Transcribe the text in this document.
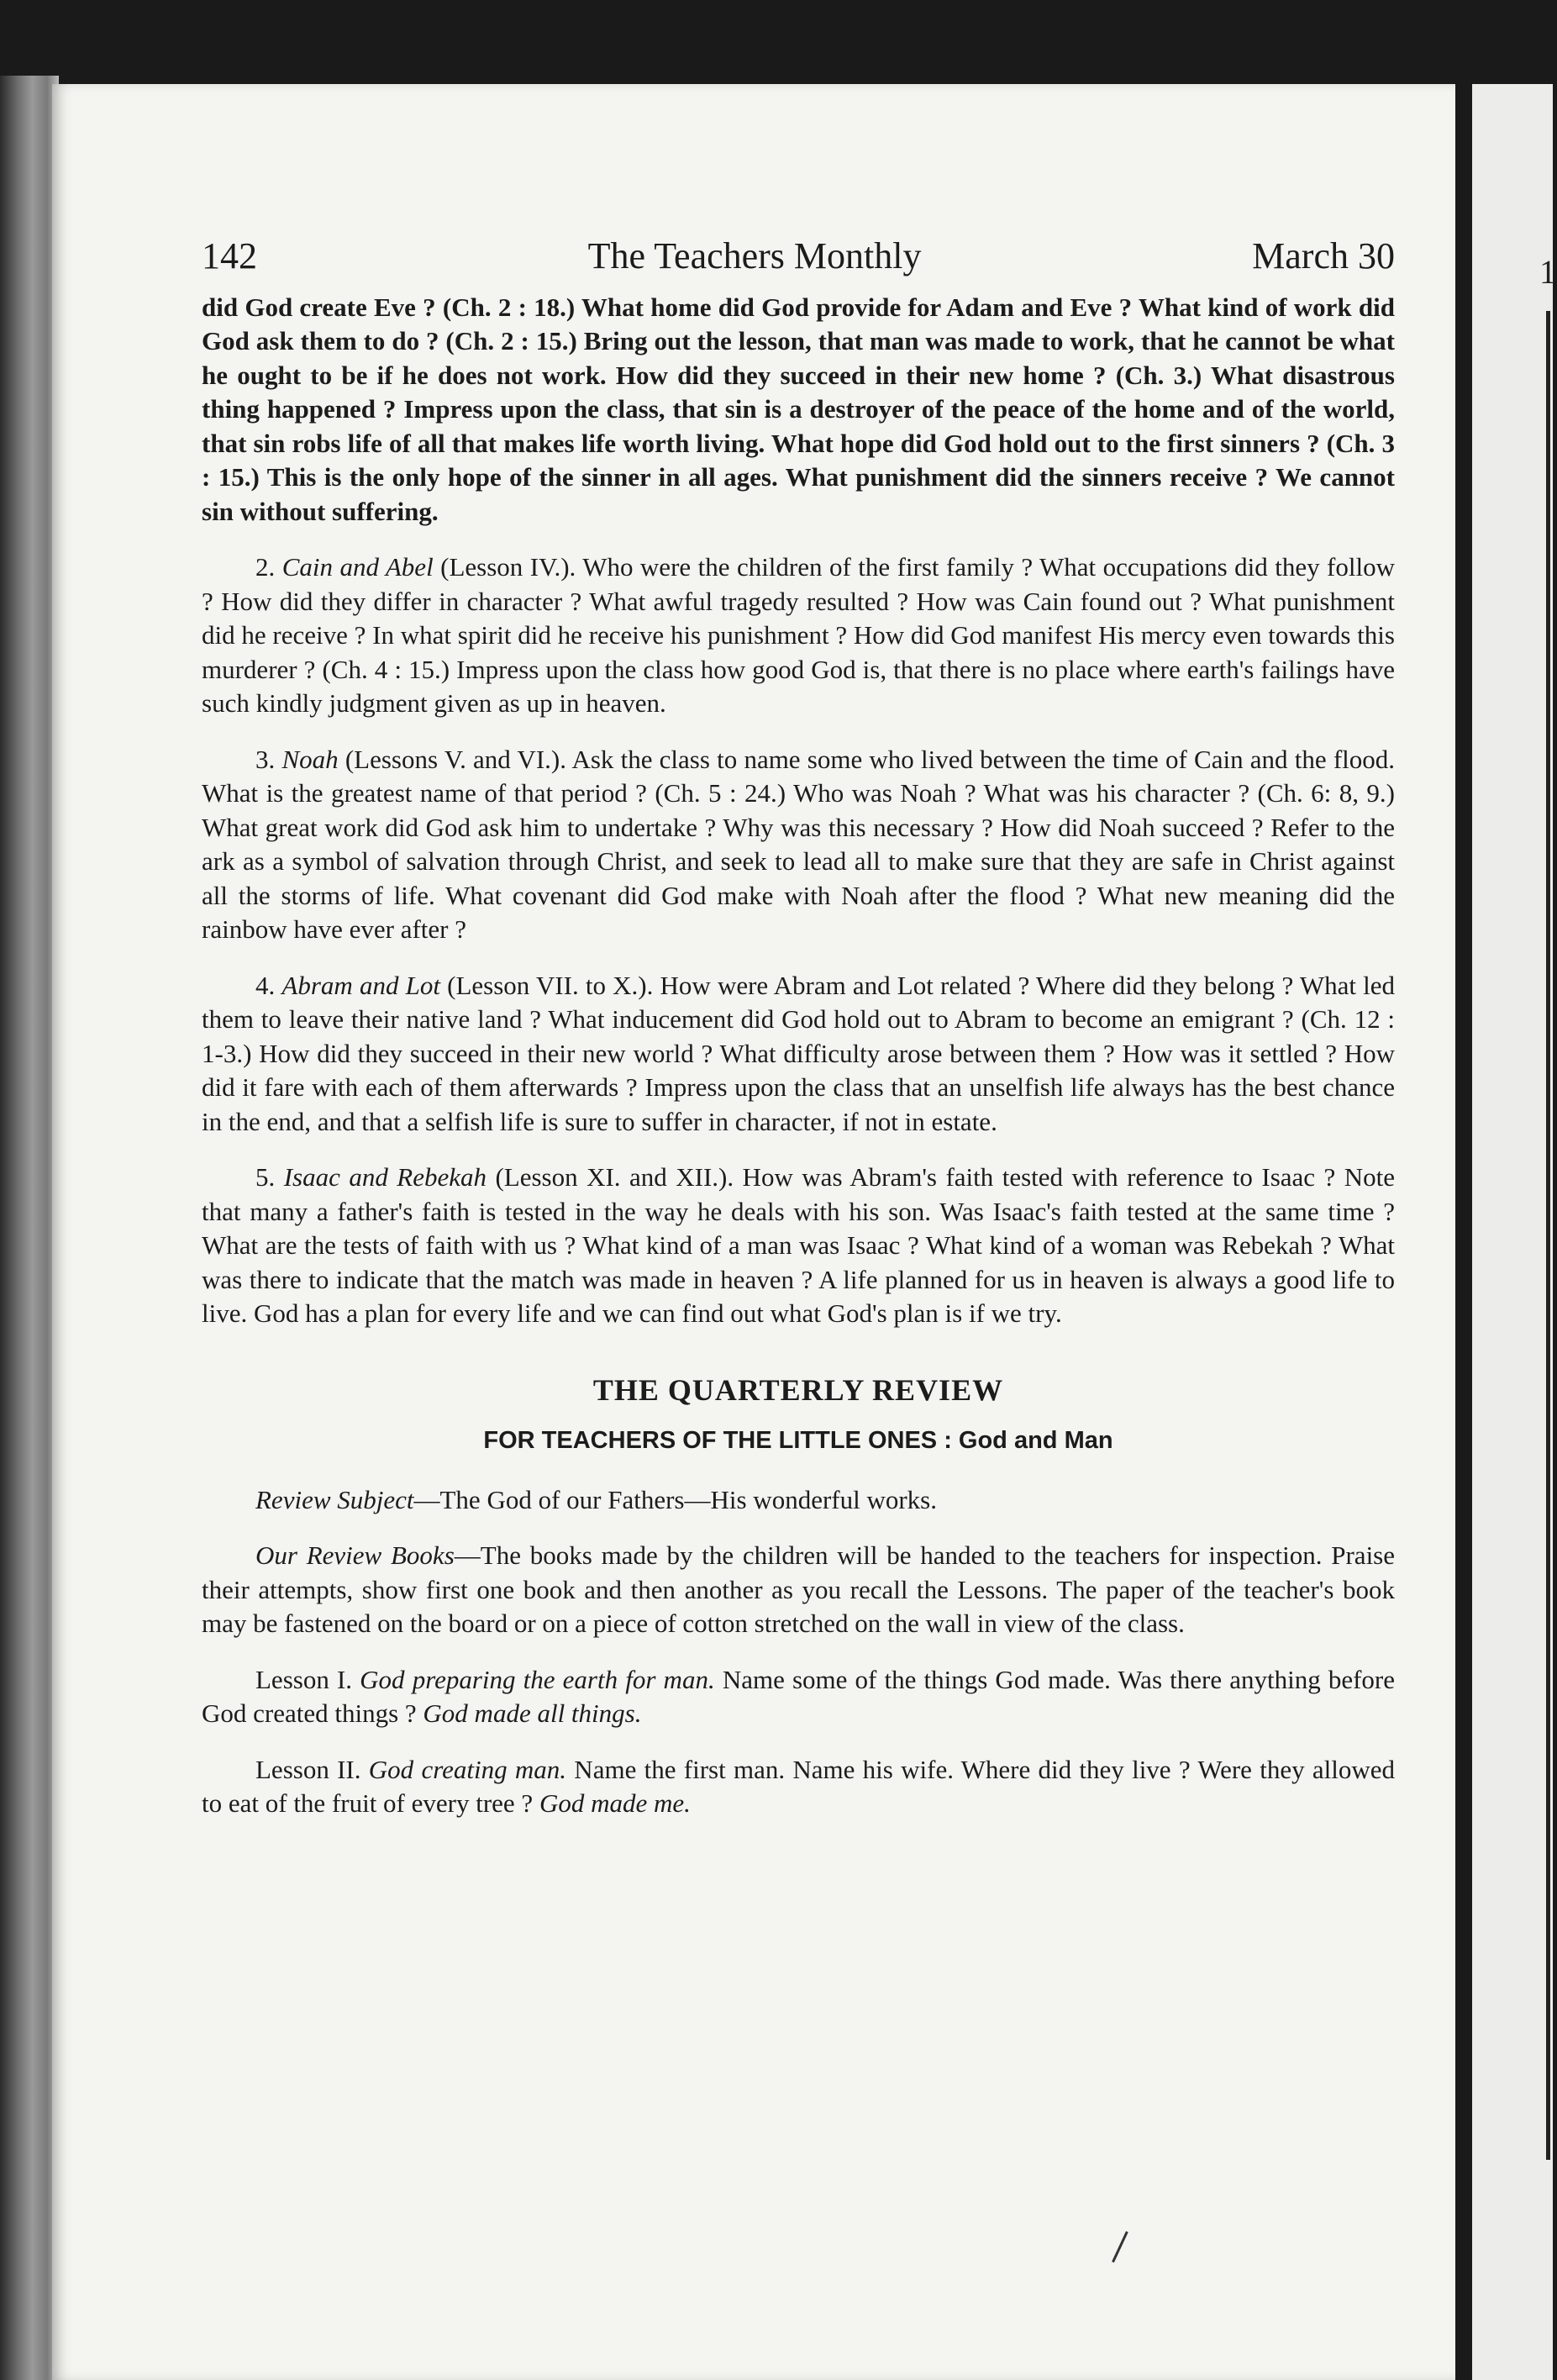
1
142	The Teachers Monthly	March 30

did God create Eve ? (Ch. 2 : 18.) What home did God provide for Adam and Eve ? What kind of work did God ask them to do ? (Ch. 2 : 15.) Bring out the lesson, that man was made to work, that he cannot be what he ought to be if he does not work. How did they succeed in their new home ? (Ch. 3.) What disastrous thing happened ? Impress upon the class, that sin is a destroyer of the peace of the home and of the world, that sin robs life of all that makes life worth living. What hope did God hold out to the first sinners ? (Ch. 3 : 15.) This is the only hope of the sinner in all ages. What punishment did the sinners receive ? We cannot sin without suffering.

2. Cain and Abel (Lesson IV.). Who were the children of the first family ? What occupations did they follow ? How did they differ in character ? What awful tragedy resulted ? How was Cain found out ? What punishment did he receive ? In what spirit did he receive his punishment ? How did God manifest His mercy even towards this murderer ? (Ch. 4 : 15.) Impress upon the class how good God is, that there is no place where earth's failings have such kindly judgment given as up in heaven.

3. Noah (Lessons V. and VI.). Ask the class to name some who lived between the time of Cain and the flood. What is the greatest name of that period ? (Ch. 5 : 24.) Who was Noah ? What was his character ? (Ch. 6: 8, 9.) What great work did God ask him to undertake ? Why was this necessary ? How did Noah succeed ? Refer to the ark as a symbol of salvation through Christ, and seek to lead all to make sure that they are safe in Christ against all the storms of life. What covenant did God make with Noah after the flood ? What new meaning did the rainbow have ever after ?

4. Abram and Lot (Lesson VII. to X.). How were Abram and Lot related ? Where did they belong ? What led them to leave their native land ? What inducement did God hold out to Abram to become an emigrant ? (Ch. 12 : 1-3.) How did they succeed in their new world ? What difficulty arose between them ? How was it settled ? How did it fare with each of them afterwards ? Impress upon the class that an unselfish life always has the best chance in the end, and that a selfish life is sure to suffer in character, if not in estate.

5. Isaac and Rebekah (Lesson XI. and XII.). How was Abram's faith tested with reference to Isaac ? Note that many a father's faith is tested in the way he deals with his son. Was Isaac's faith tested at the same time ? What are the tests of faith with us ? What kind of a man was Isaac ? What kind of a woman was Rebekah ? What was there to indicate that the match was made in heaven ? A life planned for us in heaven is always a good life to live. God has a plan for every life and we can find out what God's plan is if we try.

THE QUARTERLY REVIEW
FOR TEACHERS OF THE LITTLE ONES : God and Man

Review Subject—The God of our Fathers—His wonderful works.

Our Review Books—The books made by the children will be handed to the teachers for inspection. Praise their attempts, show first one book and then another as you recall the Lessons. The paper of the teacher's book may be fastened on the board or on a piece of cotton stretched on the wall in view of the class.

Lesson I. God preparing the earth for man. Name some of the things God made. Was there anything before God created things ? God made all things.

Lesson II. God creating man. Name the first man. Name his wife. Where did they live ? Were they allowed to eat of the fruit of every tree ? God made me.
